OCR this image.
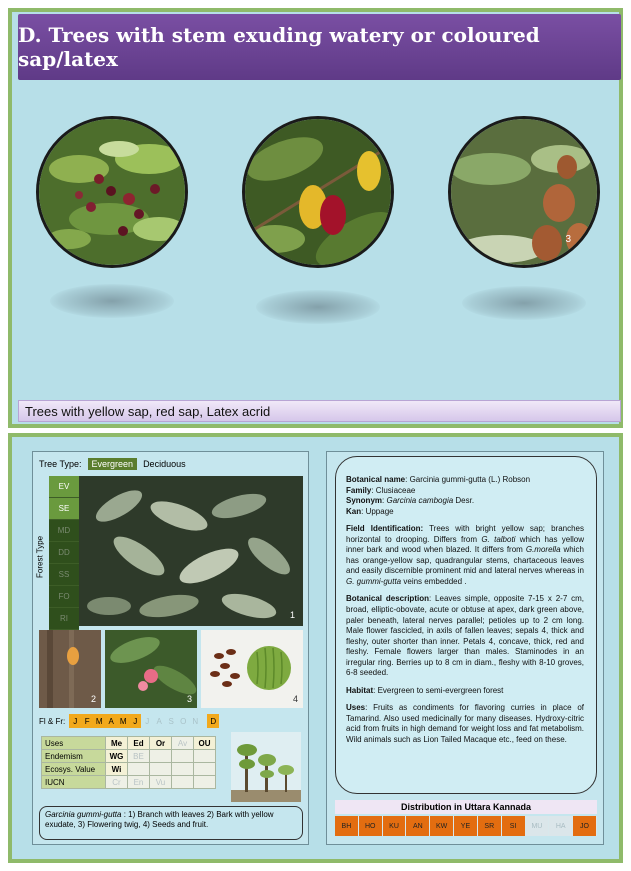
D. Trees with stem exuding watery or coloured sap/latex
3
Trees with yellow sap, red sap, Latex acrid
Tree Type:	Evergreen	Deciduous
Forest Type
EV
SE
MD
DD
SS
FO
RI	1
2	3	4
Fl & Fr:	J F M A M J	J A S O N	D
Uses	Me	Ed	Or	Av	OU
Endemism	WG	BE			
Ecosys. Value	Wi				
IUCN	Cr	En	Vu		
Garcinia gummi-gutta : 1) Branch with leaves 2) Bark with yellow exudate, 3) Flowering twig, 4) Seeds and fruit.

Botanical name: Garcinia gummi-gutta (L.) Robson
Family: Clusiaceae
Synonym: Garcinia cambogia Desr.
Kan: Uppage

Field Identification: Trees with bright yellow sap; branches horizontal to drooping. Differs from G. talboti which has yellow inner bark and wood when blazed. It differs from G.morella which has orange-yellow sap, quadrangular stems, chartaceous leaves and easily discernible prominent mid and lateral nerves whereas in G. gummi-gutta veins embedded .

Botanical description: Leaves simple, opposite 7-15 x 2-7 cm, broad, elliptic-obovate, acute or obtuse at apex, dark green above, paler beneath, lateral nerves parallel; petioles up to 2 cm long. Male flower fascicled, in axils of fallen leaves; sepals 4, thick and fleshy, outer shorter than inner. Petals 4, concave, thick, red and fleshy. Female flowers larger than males. Staminodes in an irregular ring. Berries up to 8 cm in diam., fleshy with 8-10 groves, 6-8 seeded.

Habitat: Evergreen to semi-evergreen forest

Uses: Fruits as condiments for flavoring curries in place of Tamarind. Also used medicinally for many diseases. Hydroxy-citric acid from fruits in high demand for weight loss and fat metabolism. Wild animals such as Lion Tailed Macaque etc., feed on these.

Distribution in Uttara Kannada
BH	HO	KU	AN	KW	YE	SR	SI	MU	HA	JO
